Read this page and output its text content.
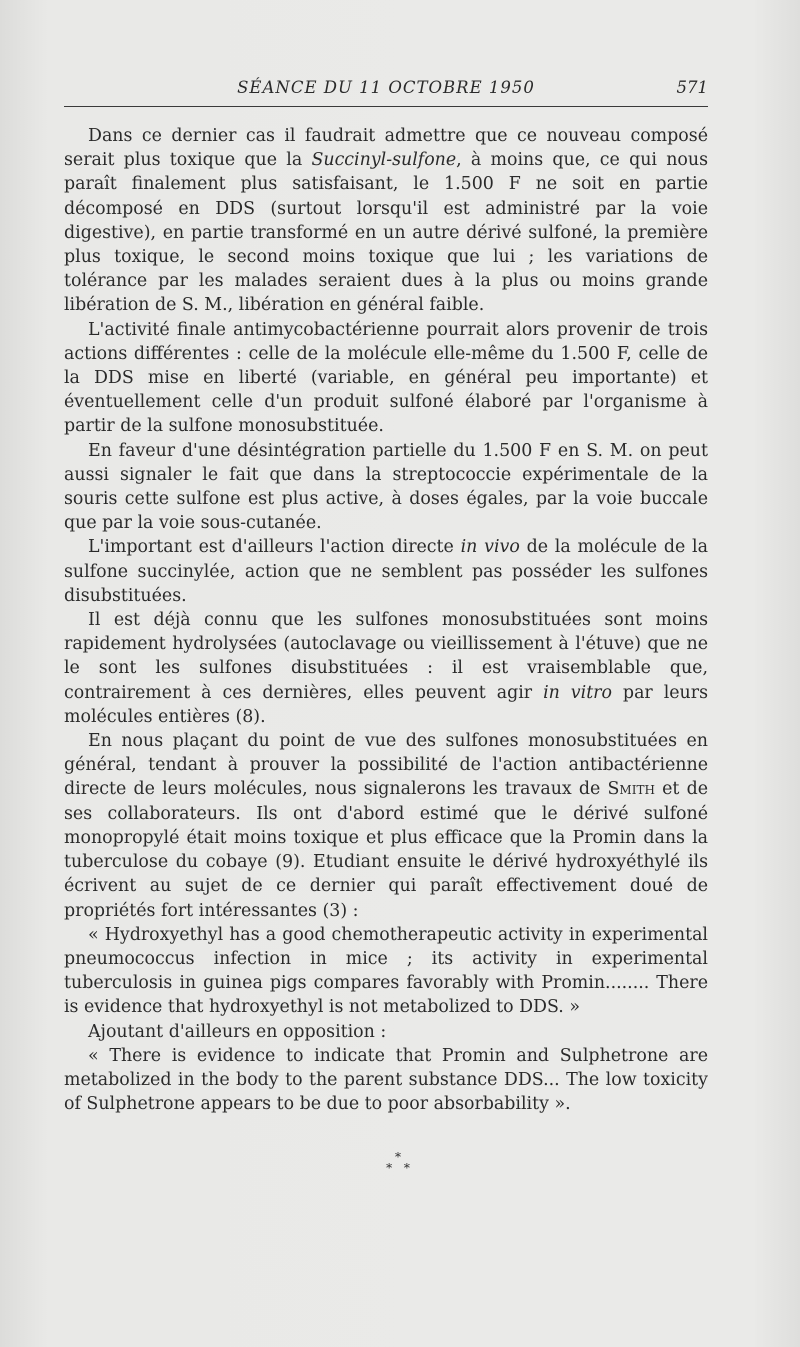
SÉANCE DU 11 OCTOBRE 1950	571

Dans ce dernier cas il faudrait admettre que ce nouveau composé serait plus toxique que la Succinyl-sulfone, à moins que, ce qui nous paraît finalement plus satisfaisant, le 1.500 F ne soit en partie décomposé en DDS (surtout lorsqu'il est administré par la voie digestive), en partie transformé en un autre dérivé sulfoné, la première plus toxique, le second moins toxique que lui ; les variations de tolérance par les malades seraient dues à la plus ou moins grande libération de S. M., libération en général faible.

L'activité finale antimycobactérienne pourrait alors provenir de trois actions différentes : celle de la molécule elle-même du 1.500 F, celle de la DDS mise en liberté (variable, en général peu importante) et éventuellement celle d'un produit sulfoné élaboré par l'organisme à partir de la sulfone monosubstituée.

En faveur d'une désintégration partielle du 1.500 F en S. M. on peut aussi signaler le fait que dans la streptococcie expérimentale de la souris cette sulfone est plus active, à doses égales, par la voie buccale que par la voie sous-cutanée.

L'important est d'ailleurs l'action directe in vivo de la molécule de la sulfone succinylée, action que ne semblent pas posséder les sulfones disubstituées.

Il est déjà connu que les sulfones monosubstituées sont moins rapidement hydrolysées (autoclavage ou vieillissement à l'étuve) que ne le sont les sulfones disubstituées : il est vraisemblable que, contrairement à ces dernières, elles peuvent agir in vitro par leurs molécules entières (8).

En nous plaçant du point de vue des sulfones monosubstituées en général, tendant à prouver la possibilité de l'action antibactérienne directe de leurs molécules, nous signalerons les travaux de Smith et de ses collaborateurs. Ils ont d'abord estimé que le dérivé sulfoné monopropylé était moins toxique et plus efficace que la Promin dans la tuberculose du cobaye (9). Etudiant ensuite le dérivé hydroxyéthylé ils écrivent au sujet de ce dernier qui paraît effectivement doué de propriétés fort intéressantes (3) :

« Hydroxyethyl has a good chemotherapeutic activity in experimental pneumococcus infection in mice ; its activity in experimental tuberculosis in guinea pigs compares favorably with Promin........ There is evidence that hydroxyethyl is not metabolized to DDS. »

Ajoutant d'ailleurs en opposition :

« There is evidence to indicate that Promin and Sulphetrone are metabolized in the body to the parent substance DDS... The low toxicity of Sulphetrone appears to be due to poor absorbability ».

*
* *
